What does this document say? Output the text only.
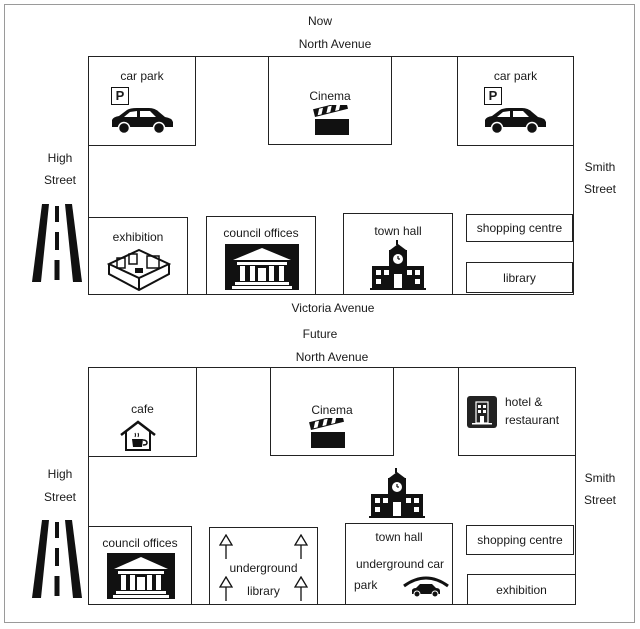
Now
North Avenue
High
Street
Smith
Street
car park
P	Cinema
car park
P
exhibition	council offices	town hall	shopping centre
library
Victoria Avenue
Future
North Avenue
High
Street
Smith
Street
cafe	Cinema
hotel &
restaurant
council offices
underground
library
town hall
underground car
park
shopping centre
exhibition
